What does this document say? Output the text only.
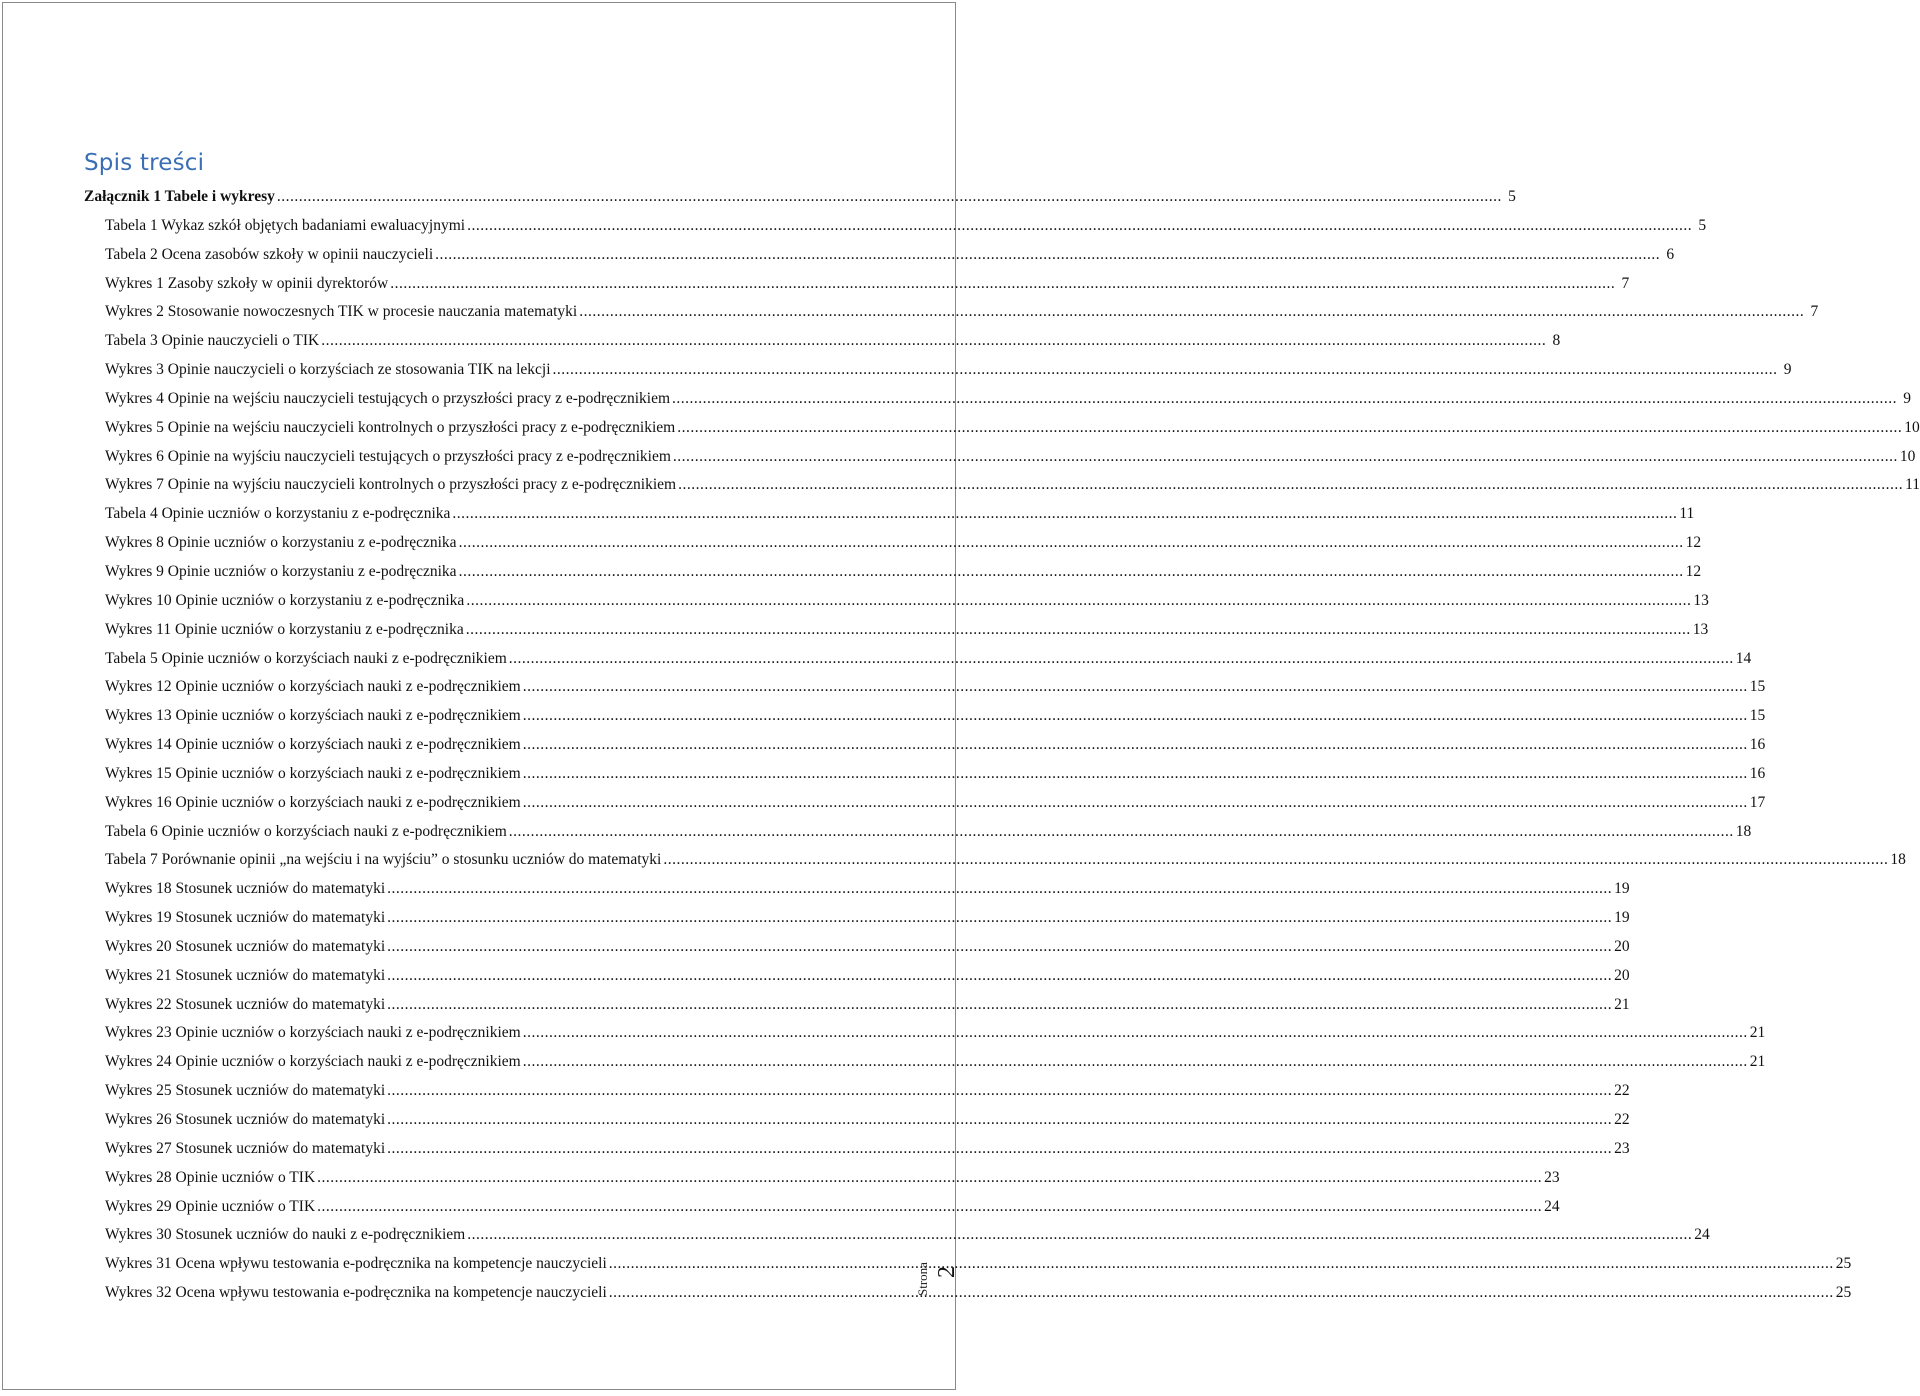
Spis treści
Załącznik 1 Tabele i wykresy .....	5
Tabela 1 Wykaz szkół objętych badaniami ewaluacyjnymi .....	5
Tabela 2 Ocena zasobów szkoły w opinii nauczycieli .....	6
Wykres 1 Zasoby szkoły w opinii dyrektorów .....	7
Wykres 2 Stosowanie nowoczesnych TIK w procesie nauczania matematyki .....	7
Tabela 3 Opinie nauczycieli o TIK .....	8
Wykres 3 Opinie nauczycieli o korzyściach ze stosowania TIK na lekcji .....	9
Wykres 4 Opinie na wejściu nauczycieli testujących o przyszłości pracy z e-podręcznikiem .....	9
Wykres 5 Opinie na wejściu nauczycieli kontrolnych o przyszłości pracy z e-podręcznikiem .....	10
Wykres 6 Opinie na wyjściu nauczycieli testujących o przyszłości pracy z e-podręcznikiem .....	10
Wykres 7 Opinie na wyjściu nauczycieli kontrolnych o przyszłości pracy z e-podręcznikiem .....	11
Tabela 4 Opinie uczniów o korzystaniu z e-podręcznika .....	11
Wykres 8 Opinie uczniów o korzystaniu z e-podręcznika .....	12
Wykres 9 Opinie uczniów o korzystaniu z e-podręcznika .....	12
Wykres 10 Opinie uczniów o korzystaniu z e-podręcznika .....	13
Wykres 11 Opinie uczniów o korzystaniu z e-podręcznika .....	13
Tabela 5 Opinie uczniów o korzyściach nauki z e-podręcznikiem .....	14
Wykres 12 Opinie uczniów o korzyściach nauki z e-podręcznikiem .....	15
Wykres 13 Opinie uczniów o korzyściach nauki z e-podręcznikiem .....	15
Wykres 14 Opinie uczniów o korzyściach nauki z e-podręcznikiem .....	16
Wykres 15 Opinie uczniów o korzyściach nauki z e-podręcznikiem .....	16
Wykres 16 Opinie uczniów o korzyściach nauki z e-podręcznikiem .....	17
Tabela 6 Opinie uczniów o korzyściach nauki z e-podręcznikiem .....	18
Tabela 7 Porównanie opinii „na wejściu i na wyjściu” o stosunku uczniów do matematyki .....	18
Wykres 18 Stosunek uczniów do matematyki .....	19
Wykres 19 Stosunek uczniów do matematyki .....	19
Wykres 20 Stosunek uczniów do matematyki .....	20
Wykres 21 Stosunek uczniów do matematyki .....	20
Wykres 22 Stosunek uczniów do matematyki .....	21
Wykres 23 Opinie uczniów o korzyściach nauki z e-podręcznikiem .....	21
Wykres 24 Opinie uczniów o korzyściach nauki z e-podręcznikiem .....	21
Wykres 25 Stosunek uczniów do matematyki .....	22
Wykres 26 Stosunek uczniów do matematyki .....	22
Wykres 27 Stosunek uczniów do matematyki .....	23
Wykres 28 Opinie uczniów o TIK .....	23
Wykres 29 Opinie uczniów o TIK .....	24
Wykres 30 Stosunek uczniów do nauki z e-podręcznikiem .....	24
Wykres 31 Ocena wpływu testowania e-podręcznika na kompetencje nauczycieli .....	25
Wykres 32 Ocena wpływu testowania e-podręcznika na kompetencje nauczycieli .....	25
Strona 2
